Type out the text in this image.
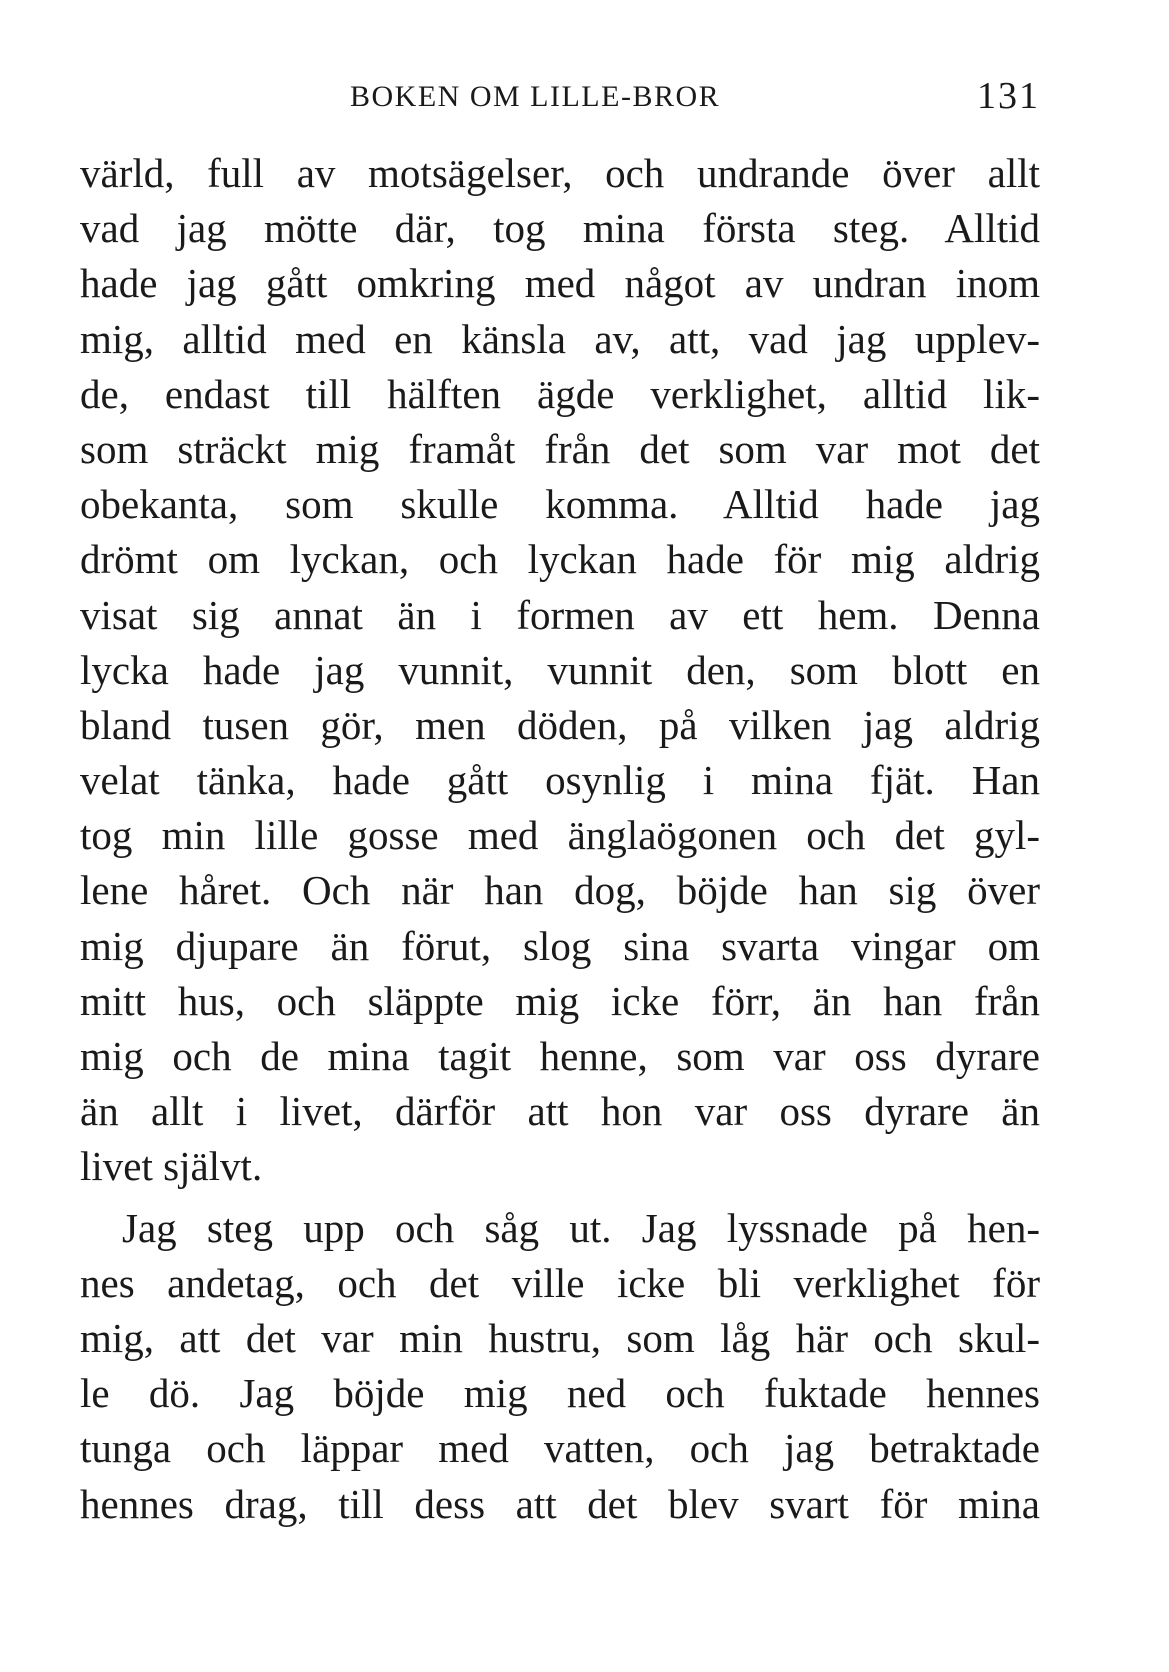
BOKEN OM LILLE-BROR	131
värld, full av motsägelser, och undrande över allt
vad jag mötte där, tog mina första steg. Alltid
hade jag gått omkring med något av undran inom
mig, alltid med en känsla av, att, vad jag upplev-
de, endast till hälften ägde verklighet, alltid lik-
som sträckt mig framåt från det som var mot det
obekanta, som skulle komma. Alltid hade jag
drömt om lyckan, och lyckan hade för mig aldrig
visat sig annat än i formen av ett hem. Denna
lycka hade jag vunnit, vunnit den, som blott en
bland tusen gör, men döden, på vilken jag aldrig
velat tänka, hade gått osynlig i mina fjät. Han
tog min lille gosse med änglaögonen och det gyl-
lene håret. Och när han dog, böjde han sig över
mig djupare än förut, slog sina svarta vingar om
mitt hus, och släppte mig icke förr, än han från
mig och de mina tagit henne, som var oss dyrare
än allt i livet, därför att hon var oss dyrare än
livet självt.
Jag steg upp och såg ut. Jag lyssnade på hen-
nes andetag, och det ville icke bli verklighet för
mig, att det var min hustru, som låg här och skul-
le dö. Jag böjde mig ned och fuktade hennes
tunga och läppar med vatten, och jag betraktade
hennes drag, till dess att det blev svart för mina
